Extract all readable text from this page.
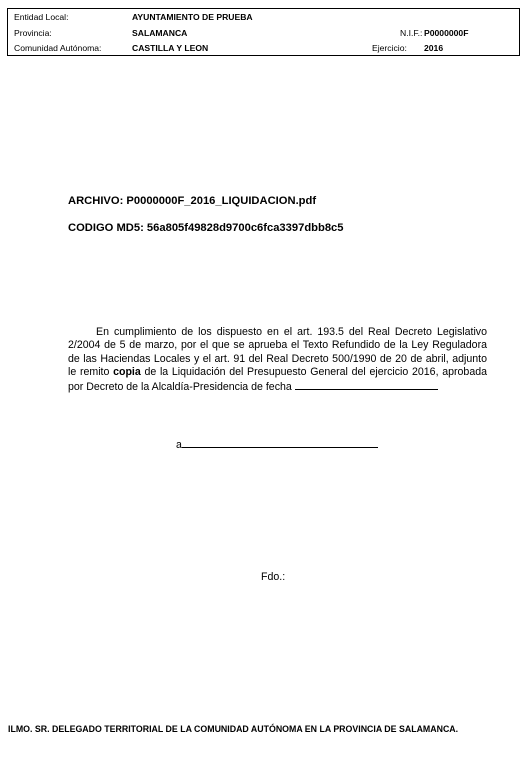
Entidad Local:	AYUNTAMIENTO DE PRUEBA
Provincia:	SALAMANCA	N.I.F.: P0000000F
Comunidad Autónoma:	CASTILLA Y LEON	Ejercicio: 2016
ARCHIVO: P0000000F_2016_LIQUIDACION.pdf
CODIGO MD5: 56a805f49828d9700c6fca3397dbb8c5
En cumplimiento de los dispuesto en el art. 193.5 del Real Decreto Legislativo 2/2004 de 5 de marzo, por el que se aprueba el Texto Refundido de la Ley Reguladora de las Haciendas Locales y el art. 91 del Real Decreto 500/1990 de 20 de abril, adjunto le remito copia de la Liquidación del Presupuesto General del ejercicio 2016, aprobada por Decreto de la Alcaldía-Presidencia de fecha
a
Fdo.:
ILMO. SR. DELEGADO TERRITORIAL DE LA COMUNIDAD AUTÓNOMA EN LA PROVINCIA DE SALAMANCA.
